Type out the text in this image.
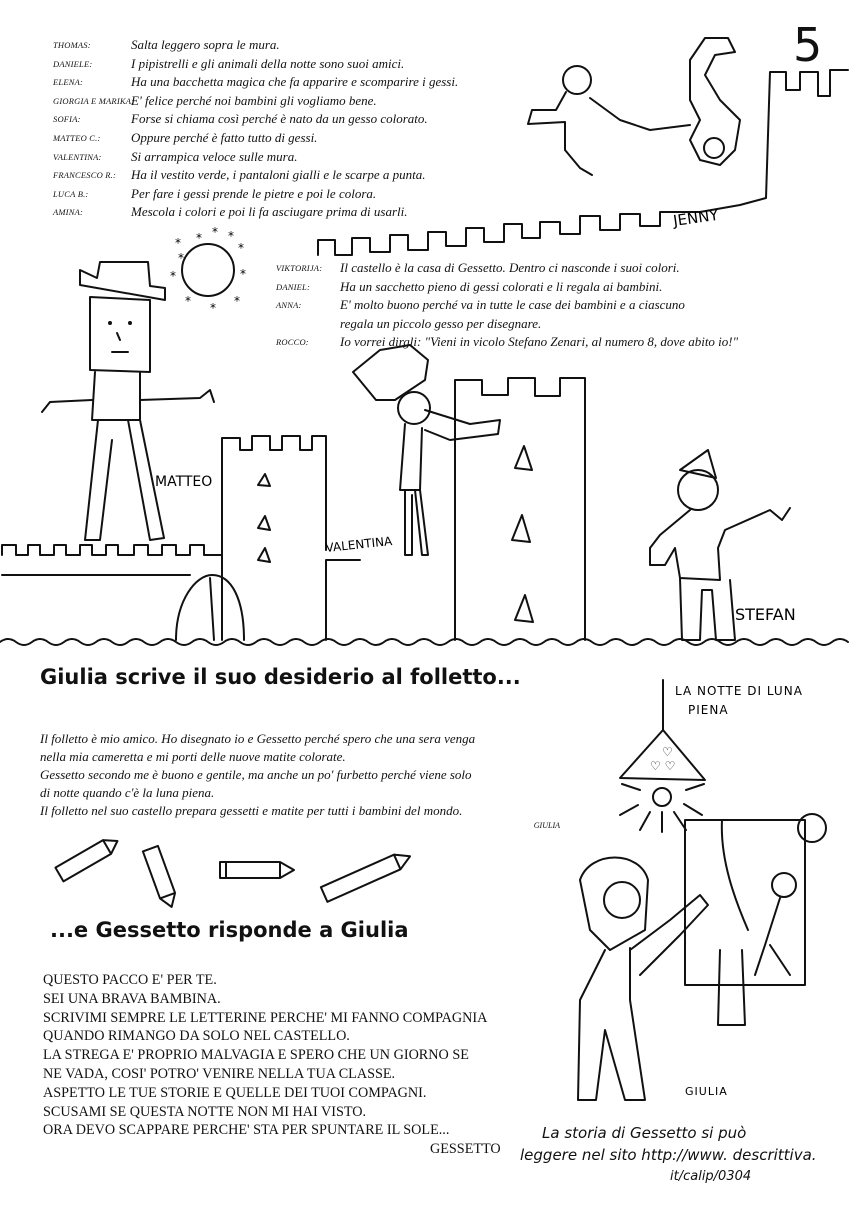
5
THOMAS:	Salta leggero sopra le mura.
DANIELE:	I pipistrelli e gli animali della notte sono suoi amici.
ELENA:	Ha una bacchetta magica che fa apparire e scomparire i gessi.
GIORGIA E MARIKA:
E' felice perché noi bambini gli vogliamo bene.
SOFIA:	Forse si chiama così perché è nato da un gesso colorato.
MATTEO C.:	Oppure perché è fatto tutto di gessi.
VALENTINA:	Si arrampica veloce sulle mura.
FRANCESCO R.:	Ha il vestito verde, i pantaloni gialli e le scarpe a punta.
LUCA B.:	Per fare i gessi prende le pietre e poi le colora.
AMINA:	Mescola i colori e poi li fa asciugare prima di usarli.
VIKTORIJA:	Il castello è la casa di Gessetto. Dentro ci nasconde i suoi colori.
DANIEL:	Ha un sacchetto pieno di gessi colorati e li regala ai bambini.
ANNA:	E' molto buono perché va in tutte le case dei bambini e a ciascuno
regala un piccolo gesso per disegnare.
ROCCO:	Io vorrei dirgli: "Vieni in vicolo Stefano Zenari, al numero 8, dove abito io!"
JENNY
*
*
*
*
*
*
*
*
* *
*
MATTEO
VALENTINA
STEFAN
♡ ♡
♡
LA NOTTE DI LUNA PIENA
GIULIA
Giulia scrive il suo desiderio al folletto...
Il folletto è mio amico. Ho disegnato io e Gessetto perché spero che una sera venga
nella mia cameretta e mi porti delle nuove matite colorate.
Gessetto secondo me è buono e gentile, ma anche un po' furbetto perché viene solo
di notte quando c'è la luna piena.
Il folletto nel suo castello prepara gessetti e matite per tutti i bambini del mondo.
GIULIA
...e Gessetto risponde a Giulia
QUESTO PACCO E' PER TE.
SEI UNA BRAVA BAMBINA.
SCRIVIMI SEMPRE LE LETTERINE PERCHE' MI FANNO COMPAGNIA
QUANDO RIMANGO DA SOLO NEL CASTELLO.
LA STREGA E' PROPRIO MALVAGIA E SPERO CHE UN GIORNO SE
NE VADA, COSI' POTRO' VENIRE NELLA TUA CLASSE.
ASPETTO LE TUE STORIE E QUELLE DEI TUOI COMPAGNI.
SCUSAMI SE QUESTA NOTTE NON MI HAI VISTO.
ORA DEVO SCAPPARE PERCHE' STA PER SPUNTARE IL SOLE...
GESSETTO
La storia di Gessetto si può
leggere nel sito http://www. descrittiva.
it/calip/0304
